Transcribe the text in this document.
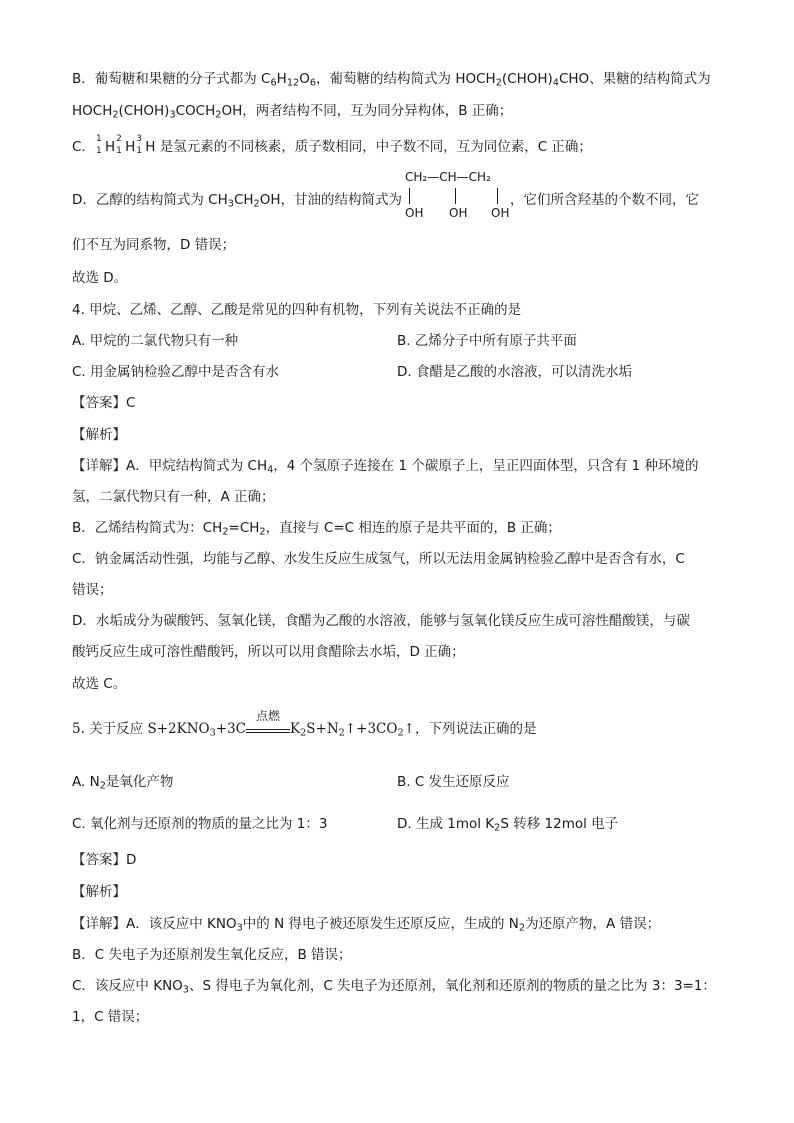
B．葡萄糖和果糖的分子式都为 $C_6H_{12}O_6$，葡萄糖的结构简式为 $HOCH_2(CHOH)_4CHO$、果糖的结构简式为
$HOCH_2(CHOH)_3COCH_2OH$，两者结构不同，互为同分异构体，B 正确；
C． 1
1 H 2
1 H 3
1 H 是氢元素的不同核素，质子数相同，中子数不同，互为同位素，C 正确；
D．乙醇的结构简式为 $CH_3CH_2OH$，甘油的结构简式为	，它们所含羟基的个数不同，它
CH₂—CH—CH₂
OH OH OH
们不互为同系物，D 错误；
故选 D。
4. 甲烷、乙烯、乙醇、乙酸是常见的四种有机物，下列有关说法不正确的是
A. 甲烷的二氯代物只有一种	B. 乙烯分子中所有原子共平面
C. 用金属钠检验乙醇中是否含有水	D. 食醋是乙酸的水溶液，可以清洗水垢
【答案】C
【解析】
【详解】A．甲烷结构简式为 $CH_4$，4 个氢原子连接在 1 个碳原子上，呈正四面体型，只含有 1 种环境的
氢，二氯代物只有一种，A 正确；
B．乙烯结构简式为：$CH_2=CH_2$，直接与 C=C 相连的原子是共平面的，B 正确；
C．钠金属活动性强，均能与乙醇、水发生反应生成氢气，所以无法用金属钠检验乙醇中是否含有水，C
错误；
D．水垢成分为碳酸钙、氢氧化镁，食醋为乙酸的水溶液，能够与氢氧化镁反应生成可溶性醋酸镁，与碳
酸钙反应生成可溶性醋酸钙，所以可以用食醋除去水垢，D 正确；
故选 C。
5. 关于反应 $S+2KNO_3+3C$
点燃
$K_2S+N_2↑+3CO_2↑$，下列说法正确的是
A. $N_2$是氧化产物	B. C 发生还原反应
C. 氧化剂与还原剂的物质的量之比为 1：3	D. 生成 1mol $K_2S$ 转移 12mol 电子
【答案】D
【解析】
【详解】A．该反应中 $KNO_3$中的 N 得电子被还原发生还原反应，生成的 $N_2$为还原产物，A 错误；
B．C 失电子为还原剂发生氧化反应，B 错误；
C．该反应中 $KNO_3$、S 得电子为氧化剂，C 失电子为还原剂，氧化剂和还原剂的物质的量之比为 3：3=1：
1，C 错误；
